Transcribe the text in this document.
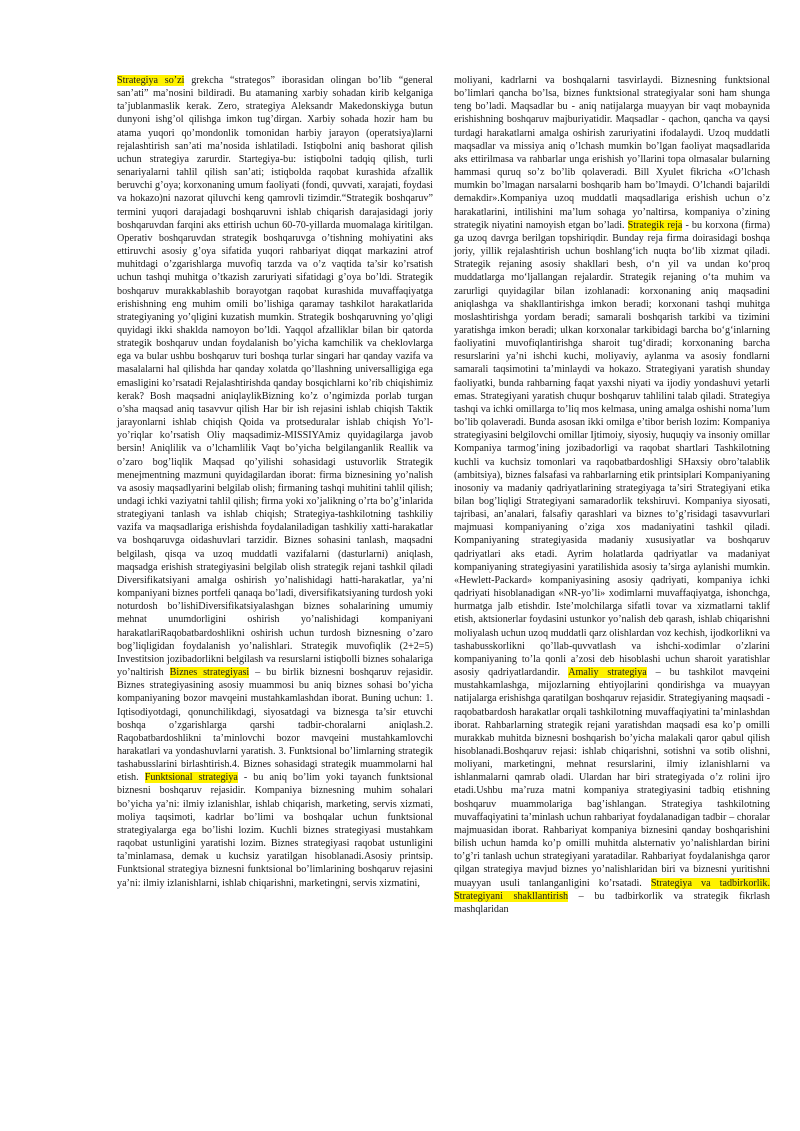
Strategiya so’zi grekcha “strategos” iborasidan olingan bo’lib “general san’ati” ma’nosini bildiradi. Bu atamaning xarbiy sohadan kirib kelganiga ta’jublanmaslik kerak. Zero, strategiya Aleksandr Makedonskiyga butun dunyoni ishg’ol qilishga imkon tug’dirgan. Xarbiy sohada hozir ham bu atama yuqori qo’mondonlik tomonidan harbiy jarayon (operatsiya)larni rejalashtirish san’ati ma’nosida ishlatiladi. Istiqbolni aniq bashorat qilish uchun strategiya zarurdir. Startegiya-bu: istiqbolni tadqiq qilish, turli senariyalarni tahlil qilish san’ati; istiqbolda raqobat kurashida afzallik beruvchi g’oya; korxonaning umum faoliyati (fondi, quvvati, xarajati, foydasi va hokazo)ni nazorat qiluvchi keng qamrovli tizimdir.“Strategik boshqaruv” termini yuqori darajadagi boshqaruvni ishlab chiqarish darajasidagi joriy boshqaruvdan farqini aks ettirish uchun 60-70-yillarda muomalaga kiritilgan. Operativ boshqaruvdan strategik boshqaruvga o’tishning mohiyatini aks ettiruvchi asosiy g’oya sifatida yuqori rahbariyat diqqat markazini atrof muhitdagi o’zgarishlarga muvofiq tarzda va o’z vaqtida ta’sir ko’rsatish uchun tashqi muhitga o’tkazish zaruriyati sifatidagi g’oya bo’ldi. Strategik boshqaruv murakkablashib borayotgan raqobat kurashida muvaffaqiyatga erishishning eng muhim omili bo’lishiga qaramay tashkilot harakatlarida strategiyaning yo’qligini kuzatish mumkin. Strategik boshqaruvning yo’qligi quyidagi ikki shaklda namoyon bo’ldi. Yaqqol afzalliklar bilan bir qatorda strategik boshqaruv undan foydalanish bo’yicha kamchilik va cheklovlarga ega va bular ushbu boshqaruv turi boshqa turlar singari har qanday vazifa va masalalarni hal qilishda har qanday xolatda qo’llashning universalligiga ega emasligini ko’rsatadi Rejalashtirishda qanday bosqichlarni ko’rib chiqishimiz kerak? Bosh maqsadni aniqlaylikBizning ko’z o’ngimizda porlab turgan o’sha maqsad aniq tasavvur qilish Har bir ish rejasini ishlab chiqish Taktik jarayonlarni ishlab chiqish Qoida va protseduralar ishlab chiqish Yo’l-yo’riqlar ko’rsatish Oliy maqsadimiz-MISSIYAmiz quyidagilarga javob bersin! Aniqlilik va o’lchamlilik Vaqt bo’yicha belgilanganlik Reallik va o’zaro bog’liqlik Maqsad qo’yilishi sohasidagi ustuvorlik Strategik menejmentning mazmuni quyidagilardan iborat: firma biznesining yo’nalish va asosiy maqsadlyarini belgilab olish; firmaning tashqi muhitini tahlil qilish; undagi ichki vaziyatni tahlil qilish; firma yoki xo’jalikning o’rta bo’g’inlarida strategiyani tanlash va ishlab chiqish; Strategiya-tashkilotning tashkiliy vazifa va maqsadlariga erishishda foydalaniladigan tashkiliy xatti-harakatlar va boshqaruvga oidashuvlari tarzidir. Biznes sohasini tanlash, maqsadni belgilash, qisqa va uzoq muddatli vazifalarni (dasturlarni) aniqlash, maqsadga erishish strategiyasini belgilab olish strategik rejani tashkil qiladi Diversifikatsiyani amalga oshirish yo’nalishidagi hatti-harakatlar, ya’ni kompaniyani biznes portfeli qanaqa bo’ladi, diversifikatsiyaning turdosh yoki noturdosh bo’lishiDiversifikatsiyalashgan biznes sohalarining umumiy mehnat unumdorligini oshirish yo’nalishidagi kompaniyani harakatlariRaqobatbardoshlikni oshirish uchun turdosh biznesning o’zaro bog’liqligidan foydalanish yo’nalishlari. Strategik muvofiqlik (2+2=5) Investitsion jozibadorlikni belgilash va resurslarni istiqbolli biznes sohalariga yo’naltirish Biznes strategiyasi – bu birlik biznesni boshqaruv rejasidir. Biznes strategiyasining asosiy muammosi bu aniq biznes sohasi bo’yicha kompaniyaning bozor mavqeini mustahkamlashdan iborat. Buning uchun: 1. Iqtisodiyotdagi, qonunchilikdagi, siyosatdagi va biznesga ta’sir etuvchi boshqa o’zgarishlarga qarshi tadbir-choralarni aniqlash.2. Raqobatbardoshlikni ta’minlovchi bozor mavqeini mustahkamlovchi harakatlari va yondashuvlarni yaratish. 3. Funktsional bo’limlarning strategik tashabusslarini birlashtirish.4. Biznes sohasidagi strategik muammolarni hal etish. Funktsional strategiya - bu aniq bo’lim yoki tayanch funktsional biznesni boshqaruv rejasidir. Kompaniya biznesning muhim sohalari bo’yicha ya’ni: ilmiy izlanishlar, ishlab chiqarish, marketing, servis xizmati, moliya taqsimoti, kadrlar bo’limi va boshqalar uchun funktsional strategiyalarga ega bo’lishi lozim. Kuchli biznes strategiyasi mustahkam raqobat ustunligini yaratishi lozim. Biznes strategiyasi raqobat ustunligini ta’minlamasa, demak u kuchsiz yaratilgan hisoblanadi.Asosiy printsip. Funktsional strategiya biznesni funktsional bo’limlarining boshqaruv rejasini ya’ni: ilmiy izlanishlarni, ishlab chiqarishni, marketingni, servis xizmatini,

moliyani, kadrlarni va boshqalarni tasvirlaydi. Biznesning funktsional bo’limlari qancha bo’lsa, biznes funktsional strategiyalar soni ham shunga teng bo’ladi. Maqsadlar bu - aniq natijalarga muayyan bir vaqt mobaynida erishishning boshqaruv majburiyatidir. Maqsadlar - qachon, qancha va qaysi turdagi harakatlarni amalga oshirish zaruriyatini ifodalaydi. Uzoq muddatli maqsadlar va missiya aniq o’lchash mumkin bo’lgan faoliyat maqsadlarida aks ettirilmasa va rahbarlar unga erishish yo’llarini topa olmasalar bularning hammasi quruq so’z bo’lib qolaveradi. Bill Xyulet fikricha «O’lchash mumkin bo’lmagan narsalarni boshqarib ham bo’lmaydi. O’lchandi bajarildi demakdir».Kompaniya uzoq muddatli maqsadlariga erishish uchun o’z harakatlarini, intilishini ma’lum sohaga yo’naltirsa, kompaniya o’zining strategik niyatini namoyish etgan bo’ladi. Strategik reja - bu korxona (firma) ga uzoq davrga berilgan topshiriqdir. Bunday reja firma doirasidagi boshqa joriy, yillik rejalashtirish uchun boshlang‘ich nuqta bo‘lib xizmat qiladi. Strategik rejaning asosiy shakllari besh, o‘n yil va undan ko‘proq muddatlarga mo‘ljallangan rejalardir. Strategik rejaning o‘ta muhim va zarurligi quyidagilar bilan izohlanadi: korxonaning aniq maqsadini aniqlashga va shakllantirishga imkon beradi; korxonani tashqi muhitga moslashtirishga yordam beradi; samarali boshqarish tarkibi va tizimini yaratishga imkon beradi; ulkan korxonalar tarkibidagi barcha bo‘g‘inlarning faoliyatini muvofiqlantirishga sharoit tug‘diradi; korxonaning barcha resurslarini ya’ni ishchi kuchi, moliyaviy, aylanma va asosiy fondlarni samarali taqsimotini ta’minlaydi va hokazo. Strategiyani yaratish shunday faoliyatki, bunda rahbarning faqat yaxshi niyati va ijodiy yondashuvi yetarli emas. Strategiyani yaratish chuqur boshqaruv tahlilini talab qiladi. Strategiya tashqi va ichki omillarga to’liq mos kelmasa, uning amalga oshishi noma’lum bo’lib qolaveradi. Bunda asosan ikki omilga e’tibor berish lozim: Kompaniya strategiyasini belgilovchi omillar Ijtimoiy, siyosiy, huquqiy va insoniy omillar Kompaniya tarmog’ining jozibadorligi va raqobat shartlari Tashkilotning kuchli va kuchsiz tomonlari va raqobatbardoshligi SHaxsiy obro’talablik (ambitsiya), biznes falsafasi va rahbarlarning etik printsiplari Kompaniyaning inosoniy va madaniy qadriyatlarining strategiyaga ta’siri Strategiyani etika bilan bog’liqligi Strategiyani samaradorlik tekshiruvi. Kompaniya siyosati, tajribasi, an’analari, falsafiy qarashlari va biznes to’g’risidagi tasavvurlari majmuasi kompaniyaning o’ziga xos madaniyatini tashkil qiladi. Kompaniyaning strategiyasida madaniy xususiyatlar va boshqaruv qadriyatlari aks etadi. Ayrim holatlarda qadriyatlar va madaniyat kompaniyaning strategiyasini yaratilishida asosiy ta’sirga aylanishi mumkin. «Hewlett-Packard» kompaniyasining asosiy qadriyati, kompaniya ichki qadriyati hisoblanadigan «NR-yo’li» xodimlarni muvaffaqiyatga, ishonchga, hurmatga jalb etishdir. Iste’molchilarga sifatli tovar va xizmatlarni taklif etish, aktsionerlar foydasini ustunkor yo’nalish deb qarash, ishlab chiqarishni moliyalash uchun uzoq muddatli qarz olishlardan voz kechish, ijodkorlikni va tashabusskorlikni qo’llab-quvvatlash va ishchi-xodimlar o’zlarini kompaniyaning to’la qonli a’zosi deb hisoblashi uchun sharoit yaratishlar asosiy qadriyatlardandir. Amaliy strategiya – bu tashkilot mavqeini mustahkamlashga, mijozlarning ehtiyojlarini qondirishga va muayyan natijalarga erishishga qaratilgan boshqaruv rejasidir. Strategiyaning maqsadi - raqobatbardosh harakatlar orqali tashkilotning muvaffaqiyatini ta’minlashdan iborat. Rahbarlarning strategik rejani yaratishdan maqsadi esa ko’p omilli murakkab muhitda biznesni boshqarish bo’yicha malakali qaror qabul qilish hisoblanadi.Boshqaruv rejasi: ishlab chiqarishni, sotishni va sotib olishni, moliyani, marketingni, mehnat resurslarini, ilmiy izlanishlarni va ishlanmalarni qamrab oladi. Ulardan har biri strategiyada o’z rolini ijro etadi.Ushbu ma’ruza matni kompaniya strategiyasini tadbiq etishning boshqaruv muammolariga bag’ishlangan. Strategiya tashkilotning muvaffaqiyatini ta’minlash uchun rahbariyat foydalanadigan tadbir – choralar majmuasidan iborat. Rahbariyat kompaniya biznesini qanday boshqarishini bilish uchun hamda ko’p omilli muhitda alьternativ yo’nalishlardan birini to’g’ri tanlash uchun strategiyani yaratadilar. Rahbariyat foydalanishga qaror qilgan strategiya mavjud biznes yo’nalishlaridan biri va biznesni yuritishni muayyan usuli tanlanganligini ko’rsatadi. Strategiya va tadbirkorlik. Strategiyani shakllantirish – bu tadbirkorlik va strategik fikrlash mashqlaridan
